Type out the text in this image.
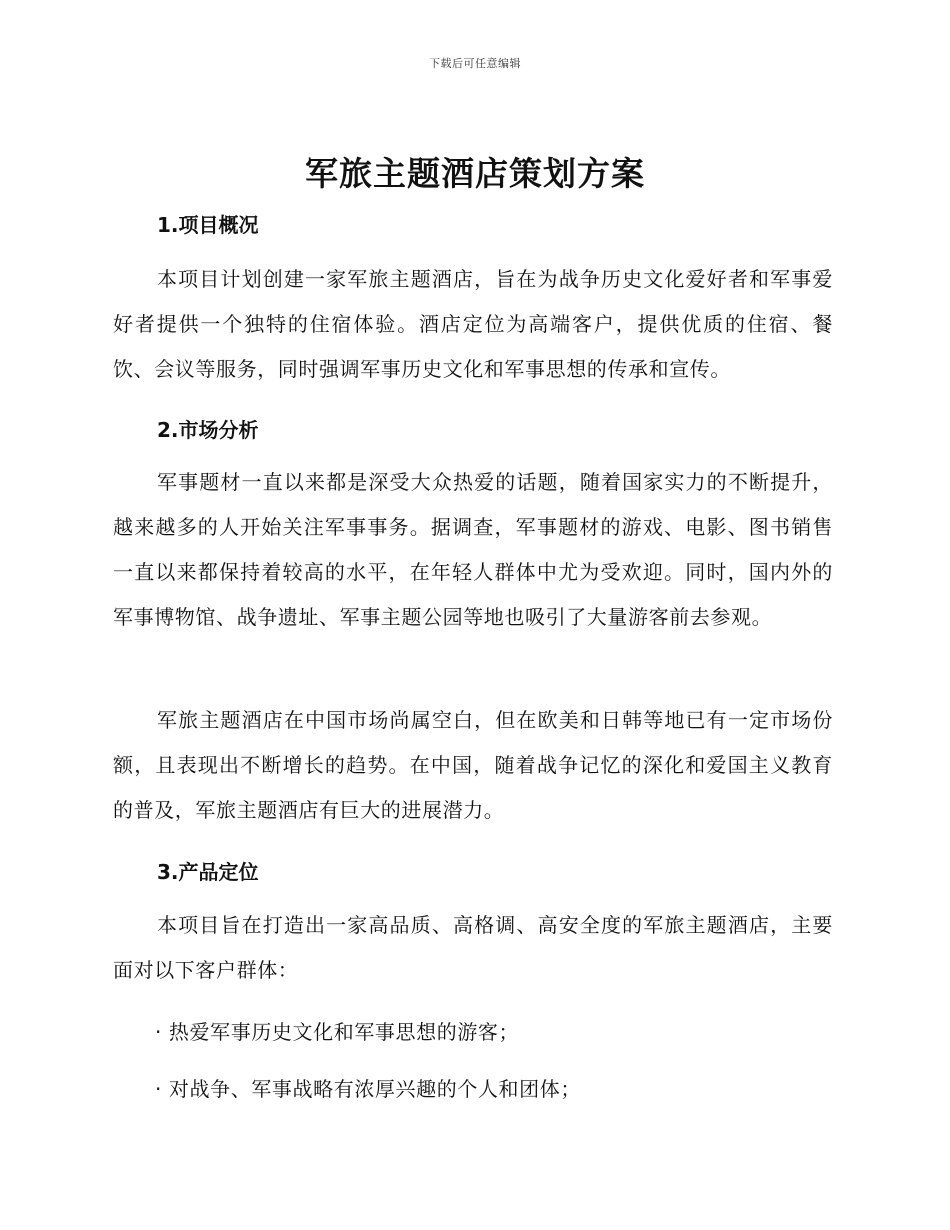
下载后可任意编辑
军旅主题酒店策划方案
1.项目概况

本项目计划创建一家军旅主题酒店，旨在为战争历史文化爱好者和军事爱好者提供一个独特的住宿体验。酒店定位为高端客户，提供优质的住宿、餐饮、会议等服务，同时强调军事历史文化和军事思想的传承和宣传。

2.市场分析

军事题材一直以来都是深受大众热爱的话题，随着国家实力的不断提升，越来越多的人开始关注军事事务。据调查，军事题材的游戏、电影、图书销售一直以来都保持着较高的水平，在年轻人群体中尤为受欢迎。同时，国内外的军事博物馆、战争遗址、军事主题公园等地也吸引了大量游客前去参观。

军旅主题酒店在中国市场尚属空白，但在欧美和日韩等地已有一定市场份额，且表现出不断增长的趋势。在中国，随着战争记忆的深化和爱国主义教育的普及，军旅主题酒店有巨大的进展潜力。

3.产品定位

本项目旨在打造出一家高品质、高格调、高安全度的军旅主题酒店，主要面对以下客户群体：

· 热爱军事历史文化和军事思想的游客；

· 对战争、军事战略有浓厚兴趣的个人和团体；
